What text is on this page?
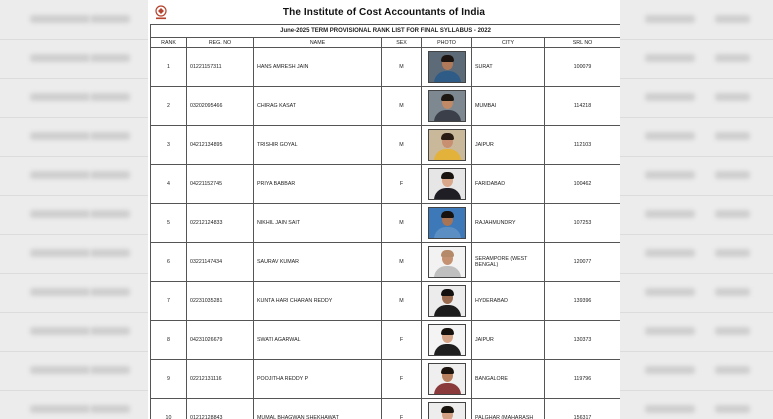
The Institute of Cost Accountants of India
June-2025 TERM PROVISIONAL RANK LIST FOR FINAL SYLLABUS - 2022						
RANK	REG. NO	NAME	SEX	PHOTO	CITY	SRL NO
1	01221157311	HANS AMRESH JAIN	M		SURAT	100079
2	03202095466	CHIRAG KASAT	M		MUMBAI	114218
3	04212134895	TRISHIR GOYAL	M		JAIPUR	112103
4	04221152745	PRIYA BABBAR	F		FARIDABAD	100462
5	02212124833	NIKHIL JAIN SAIT	M		RAJAHMUNDRY	107253
6	03221147434	SAURAV KUMAR	M		SERAMPORE (WEST BENGAL)	120077
7	02231035281	KUNTA HARI CHARAN REDDY	M		HYDERABAD	139396
8	04231026679	SWATI AGARWAL	F		JAIPUR	130373
9	02212131116	POOJITHA REDDY P	F		BANGALORE	119796
10	01212128843	MUMAL BHAGWAN SHEKHAWAT	F		PALGHAR (MAHARASH	156317
